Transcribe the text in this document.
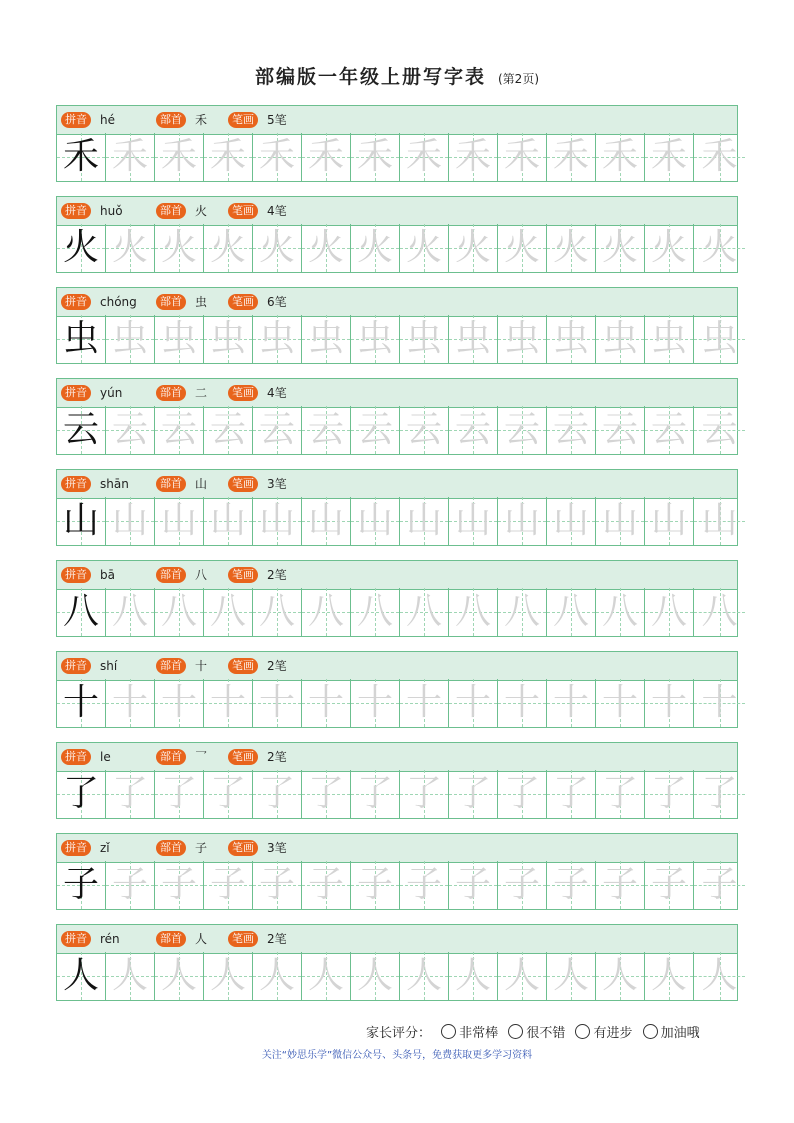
部编版一年级上册写字表 (第2页)
拼音	hé	部首	禾	笔画	5笔
禾 禾 禾 禾 禾 禾 禾 禾 禾 禾 禾 禾 禾 禾
拼音	huǒ	部首	火	笔画	4笔
火 火 火 火 火 火 火 火 火 火 火 火 火 火
拼音	chóng	部首	虫	笔画	6笔
虫 虫 虫 虫 虫 虫 虫 虫 虫 虫 虫 虫 虫 虫
拼音	yún	部首	二	笔画	4笔
云 云 云 云 云 云 云 云 云 云 云 云 云 云
拼音	shān	部首	山	笔画	3笔
山 山 山 山 山 山 山 山 山 山 山 山 山 山
拼音	bā	部首	八	笔画	2笔
八 八 八 八 八 八 八 八 八 八 八 八 八 八
拼音	shí	部首	十	笔画	2笔
十 十 十 十 十 十 十 十 十 十 十 十 十 十
拼音	le	部首	乛	笔画	2笔
了 了 了 了 了 了 了 了 了 了 了 了 了 了
拼音	zǐ	部首	子	笔画	3笔
子 子 子 子 子 子 子 子 子 子 子 子 子 子
拼音	rén	部首	人	笔画	2笔
人 人 人 人 人 人 人 人 人 人 人 人 人 人
家长评分： 非常棒 很不错 有进步 加油哦
关注“妙思乐学”微信公众号、头条号，免费获取更多学习资料
